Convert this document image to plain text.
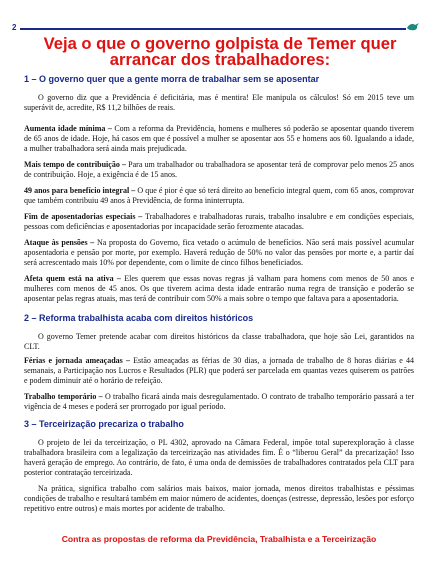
2
Veja o que o governo golpista de Temer quer arrancar dos trabalhadores:
1 – O governo quer que a gente morra de trabalhar sem se aposentar

O governo diz que a Previdência é deficitária, mas é mentira! Ele manipula os cálculos! Só em 2015 teve um superávit de, acredite, R$ 11,2 bilhões de reais.

Aumenta idade mínima – Com a reforma da Previdência, homens e mulheres só poderão se aposentar quando tiverem de 65 anos de idade. Hoje, há casos em que é possível a mulher se aposentar aos 55 e homens aos 60. Igualando a idade, a mulher trabalhadora será ainda mais prejudicada.

Mais tempo de contribuição – Para um trabalhador ou trabalhadora se aposentar terá de comprovar pelo menos 25 anos de contribuição. Hoje, a exigência é de 15 anos.

49 anos para benefício integral – O que é pior é que só terá direito ao benefício integral quem, com 65 anos, comprovar que também contribuiu 49 anos à Previdência, de forma ininterrupta.

Fim de aposentadorias especiais – Trabalhadores e trabalhadoras rurais, trabalho insalubre e em condições especiais, pessoas com deficiências e aposentadorias por incapacidade serão ferozmente atacadas.

Ataque às pensões – Na proposta do Governo, fica vetado o acúmulo de benefícios. Não será mais possível acumular aposentadoria e pensão por morte, por exemplo. Haverá redução de 50% no valor das pensões por morte e, a partir daí será acrescentado mais 10% por dependente, com o limite de cinco filhos beneficiados.

Afeta quem está na ativa – Eles querem que essas novas regras já valham para homens com menos de 50 anos e mulheres com menos de 45 anos. Os que tiverem acima desta idade entrarão numa regra de transição e poderão se aposentar pelas regras atuais, mas terá de contribuir com 50% a mais sobre o tempo que faltava para a aposentadoria.

2 – Reforma trabalhista acaba com direitos históricos

O governo Temer pretende acabar com direitos históricos da classe trabalhadora, que hoje são Lei, garantidos na CLT.

Férias e jornada ameaçadas – Estão ameaçadas as férias de 30 dias, a jornada de trabalho de 8 horas diárias e 44 semanais, a Participação nos Lucros e Resultados (PLR) que poderá ser parcelada em quantas vezes quiserem os patrões e podem diminuir até o horário de refeição.

Trabalho temporário – O trabalho ficará ainda mais desregulamentado. O contrato de trabalho temporário passará a ter vigência de 4 meses e poderá ser prorrogado por igual período.

3 – Terceirização precariza o trabalho

O projeto de lei da terceirização, o PL 4302, aprovado na Câmara Federal, impõe total superexploração à classe trabalhadora brasileira com a legalização da terceirização nas atividades fim. É o “liberou Geral” da precarização! Isso haverá geração de emprego. Ao contrário, de fato, é uma onda de demissões de trabalhadores contratados pela CLT para posterior contratação terceirizada.

Na prática, significa trabalho com salários mais baixos, maior jornada, menos direitos trabalhistas e péssimas condições de trabalho e resultará também em maior número de acidentes, doenças (estresse, depressão, lesões por esforço repetitivo entre outros) e mais mortes por acidente de trabalho.

Contra as propostas de reforma da Previdência, Trabalhista e a Terceirização
